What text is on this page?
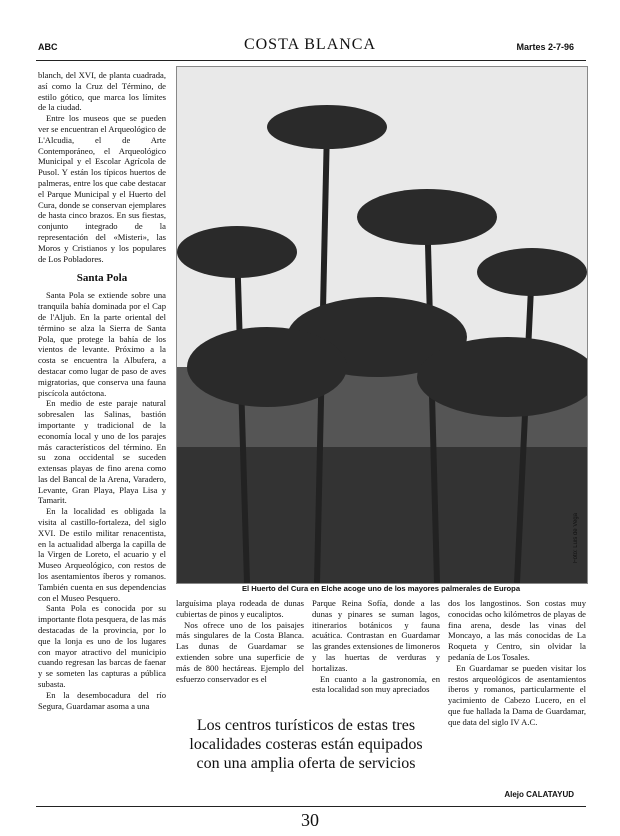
ABC	COSTA BLANCA	Martes 2-7-96

blanch, del XVI, de planta cuadrada, así como la Cruz del Término, de estilo gótico, que marca los límites de la ciudad.

Entre los museos que se pueden ver se encuentran el Arqueológico de L'Alcudia, el de Arte Contemporáneo, el Arqueológico Municipal y el Escolar Agrícola de Pusol. Y están los típicos huertos de palmeras, entre los que cabe destacar el Parque Municipal y el Huerto del Cura, donde se conservan ejemplares de hasta cinco brazos. En sus fiestas, conjunto integrado de la representación del «Misteri», las Moros y Cristianos y los populares de Los Pobladores.

Santa Pola

Santa Pola se extiende sobre una tranquila bahía dominada por el Cap de l'Aljub. En la parte oriental del término se alza la Sierra de Santa Pola, que protege la bahía de los vientos de levante. Próximo a la costa se encuentra la Albufera, a destacar como lugar de paso de aves migratorias, que conserva una fauna piscícola autóctona.

En medio de este paraje natural sobresalen las Salinas, bastión importante y tradicional de la economía local y uno de los parajes más característicos del término. En su zona occidental se suceden extensas playas de fino arena como las del Bancal de la Arena, Varadero, Levante, Gran Playa, Playa Lisa y Tamarit.

En la localidad es obligada la visita al castillo-fortaleza, del siglo XVI. De estilo militar renacentista, en la actualidad alberga la capilla de la Virgen de Loreto, el acuario y el Museo Arqueológico, con restos de los asentamientos íberos y romanos. También cuenta en sus dependencias con el Museo Pesquero.

Santa Pola es conocida por su importante flota pesquera, de las más destacadas de la provincia, por lo que la lonja es uno de los lugares con mayor atractivo del municipio cuando regresan las barcas de faenar y se someten las capturas a pública subasta.

En la desembocadura del río Segura, Guardamar asoma a una

Foto: Luis de Vega
El Huerto del Cura en Elche acoge uno de los mayores palmerales de Europa

larguísima playa rodeada de dunas cubiertas de pinos y eucaliptos.

Nos ofrece uno de los paisajes más singulares de la Costa Blanca. Las dunas de Guardamar se extienden sobre una superficie de más de 800 hectáreas. Ejemplo del esfuerzo conservador es el

Parque Reina Sofía, donde a las dunas y pinares se suman lagos, itinerarios botánicos y fauna acuática. Contrastan en Guardamar las grandes extensiones de limoneros y las huertas de verduras y hortalizas.

En cuanto a la gastronomía, en esta localidad son muy apreciados

dos los langostinos. Son costas muy conocidas ocho kilómetros de playas de fina arena, desde las vinas del Moncayo, a las más conocidas de La Roqueta y Centro, sin olvidar la pedanía de Los Tosales.

En Guardamar se pueden visitar los restos arqueológicos de asentamientos iberos y romanos, particularmente el yacimiento de Cabezo Lucero, en el que fue hallada la Dama de Guardamar, que data del siglo IV A.C.

Los centros turísticos de estas tres localidades costeras están equipados con una amplia oferta de servicios
Alejo CALATAYUD
30
